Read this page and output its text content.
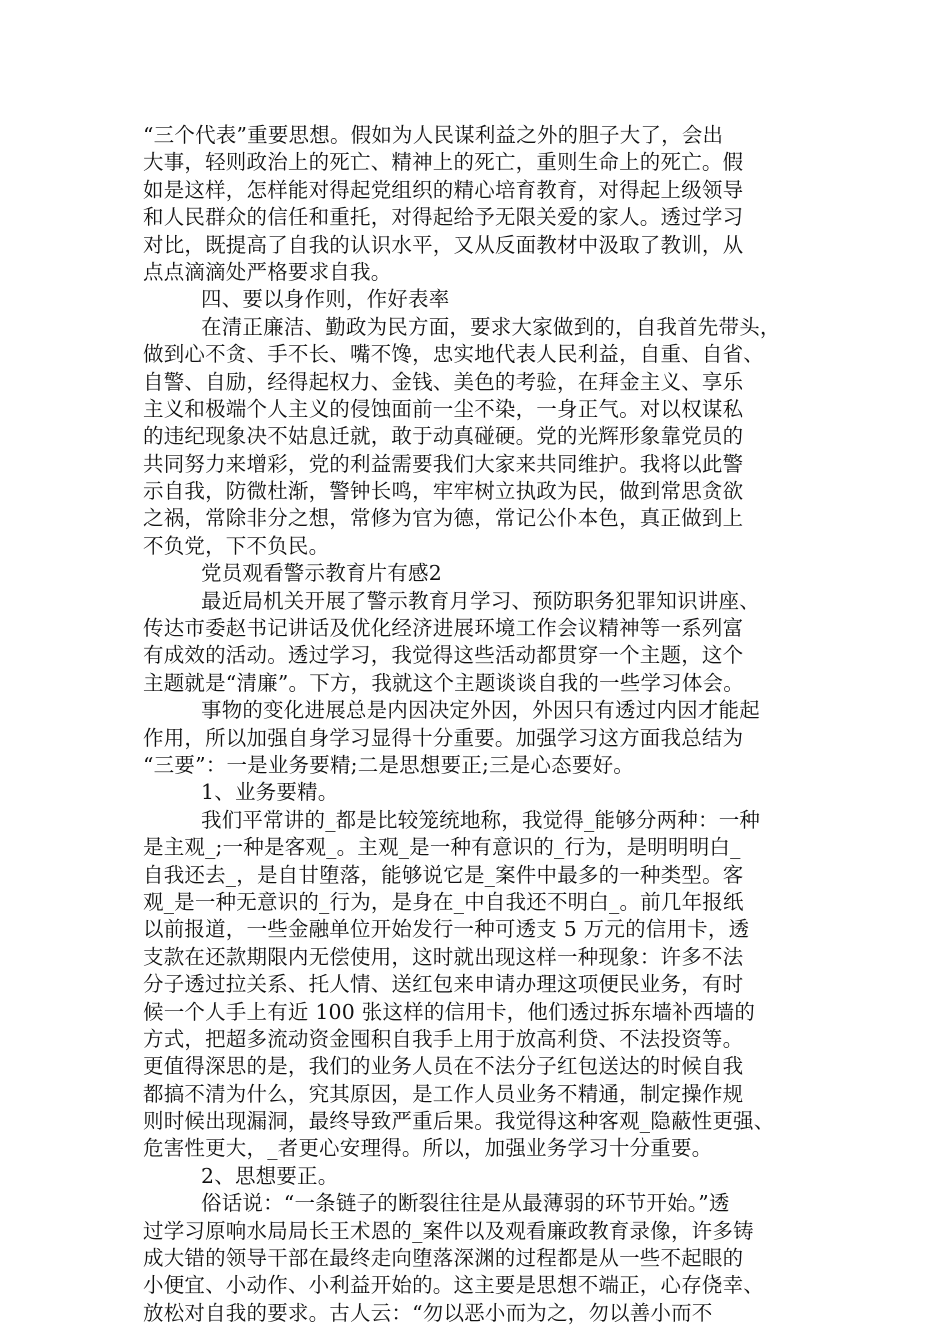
“三个代表”重要思想。假如为人民谋利益之外的胆子大了，会出
大事，轻则政治上的死亡、精神上的死亡，重则生命上的死亡。假
如是这样，怎样能对得起党组织的精心培育教育，对得起上级领导
和人民群众的信任和重托，对得起给予无限关爱的家人。透过学习
对比，既提高了自我的认识水平，又从反面教材中汲取了教训，从
点点滴滴处严格要求自我。
四、要以身作则，作好表率
在清正廉洁、勤政为民方面，要求大家做到的，自我首先带头，
做到心不贪、手不长、嘴不馋，忠实地代表人民利益，自重、自省、
自警、自励，经得起权力、金钱、美色的考验，在拜金主义、享乐
主义和极端个人主义的侵蚀面前一尘不染，一身正气。对以权谋私
的违纪现象决不姑息迁就，敢于动真碰硬。党的光辉形象靠党员的
共同努力来增彩，党的利益需要我们大家来共同维护。我将以此警
示自我，防微杜渐，警钟长鸣，牢牢树立执政为民，做到常思贪欲
之祸，常除非分之想，常修为官为德，常记公仆本色，真正做到上
不负党，下不负民。
党员观看警示教育片有感2
最近局机关开展了警示教育月学习、预防职务犯罪知识讲座、
传达市委赵书记讲话及优化经济进展环境工作会议精神等一系列富
有成效的活动。透过学习，我觉得这些活动都贯穿一个主题，这个
主题就是“清廉”。下方，我就这个主题谈谈自我的一些学习体会。
事物的变化进展总是内因决定外因，外因只有透过内因才能起
作用，所以加强自身学习显得十分重要。加强学习这方面我总结为
“三要”：一是业务要精;二是思想要正;三是心态要好。
1、业务要精。
我们平常讲的_都是比较笼统地称，我觉得_能够分两种：一种
是主观_;一种是客观_。主观_是一种有意识的_行为，是明明明白_
自我还去_，是自甘堕落，能够说它是_案件中最多的一种类型。客
观_是一种无意识的_行为，是身在_中自我还不明白_。前几年报纸
以前报道，一些金融单位开始发行一种可透支 5 万元的信用卡，透
支款在还款期限内无偿使用，这时就出现这样一种现象：许多不法
分子透过拉关系、托人情、送红包来申请办理这项便民业务，有时
候一个人手上有近 100 张这样的信用卡，他们透过拆东墙补西墙的
方式，把超多流动资金囤积自我手上用于放高利贷、不法投资等。
更值得深思的是，我们的业务人员在不法分子红包送达的时候自我
都搞不清为什么，究其原因，是工作人员业务不精通，制定操作规
则时候出现漏洞，最终导致严重后果。我觉得这种客观_隐蔽性更强、
危害性更大，_者更心安理得。所以，加强业务学习十分重要。
2、思想要正。
俗话说：“一条链子的断裂往往是从最薄弱的环节开始。”透
过学习原响水局局长王术恩的_案件以及观看廉政教育录像，许多铸
成大错的领导干部在最终走向堕落深渊的过程都是从一些不起眼的
小便宜、小动作、小利益开始的。这主要是思想不端正，心存侥幸、
放松对自我的要求。古人云：“勿以恶小而为之，勿以善小而不
